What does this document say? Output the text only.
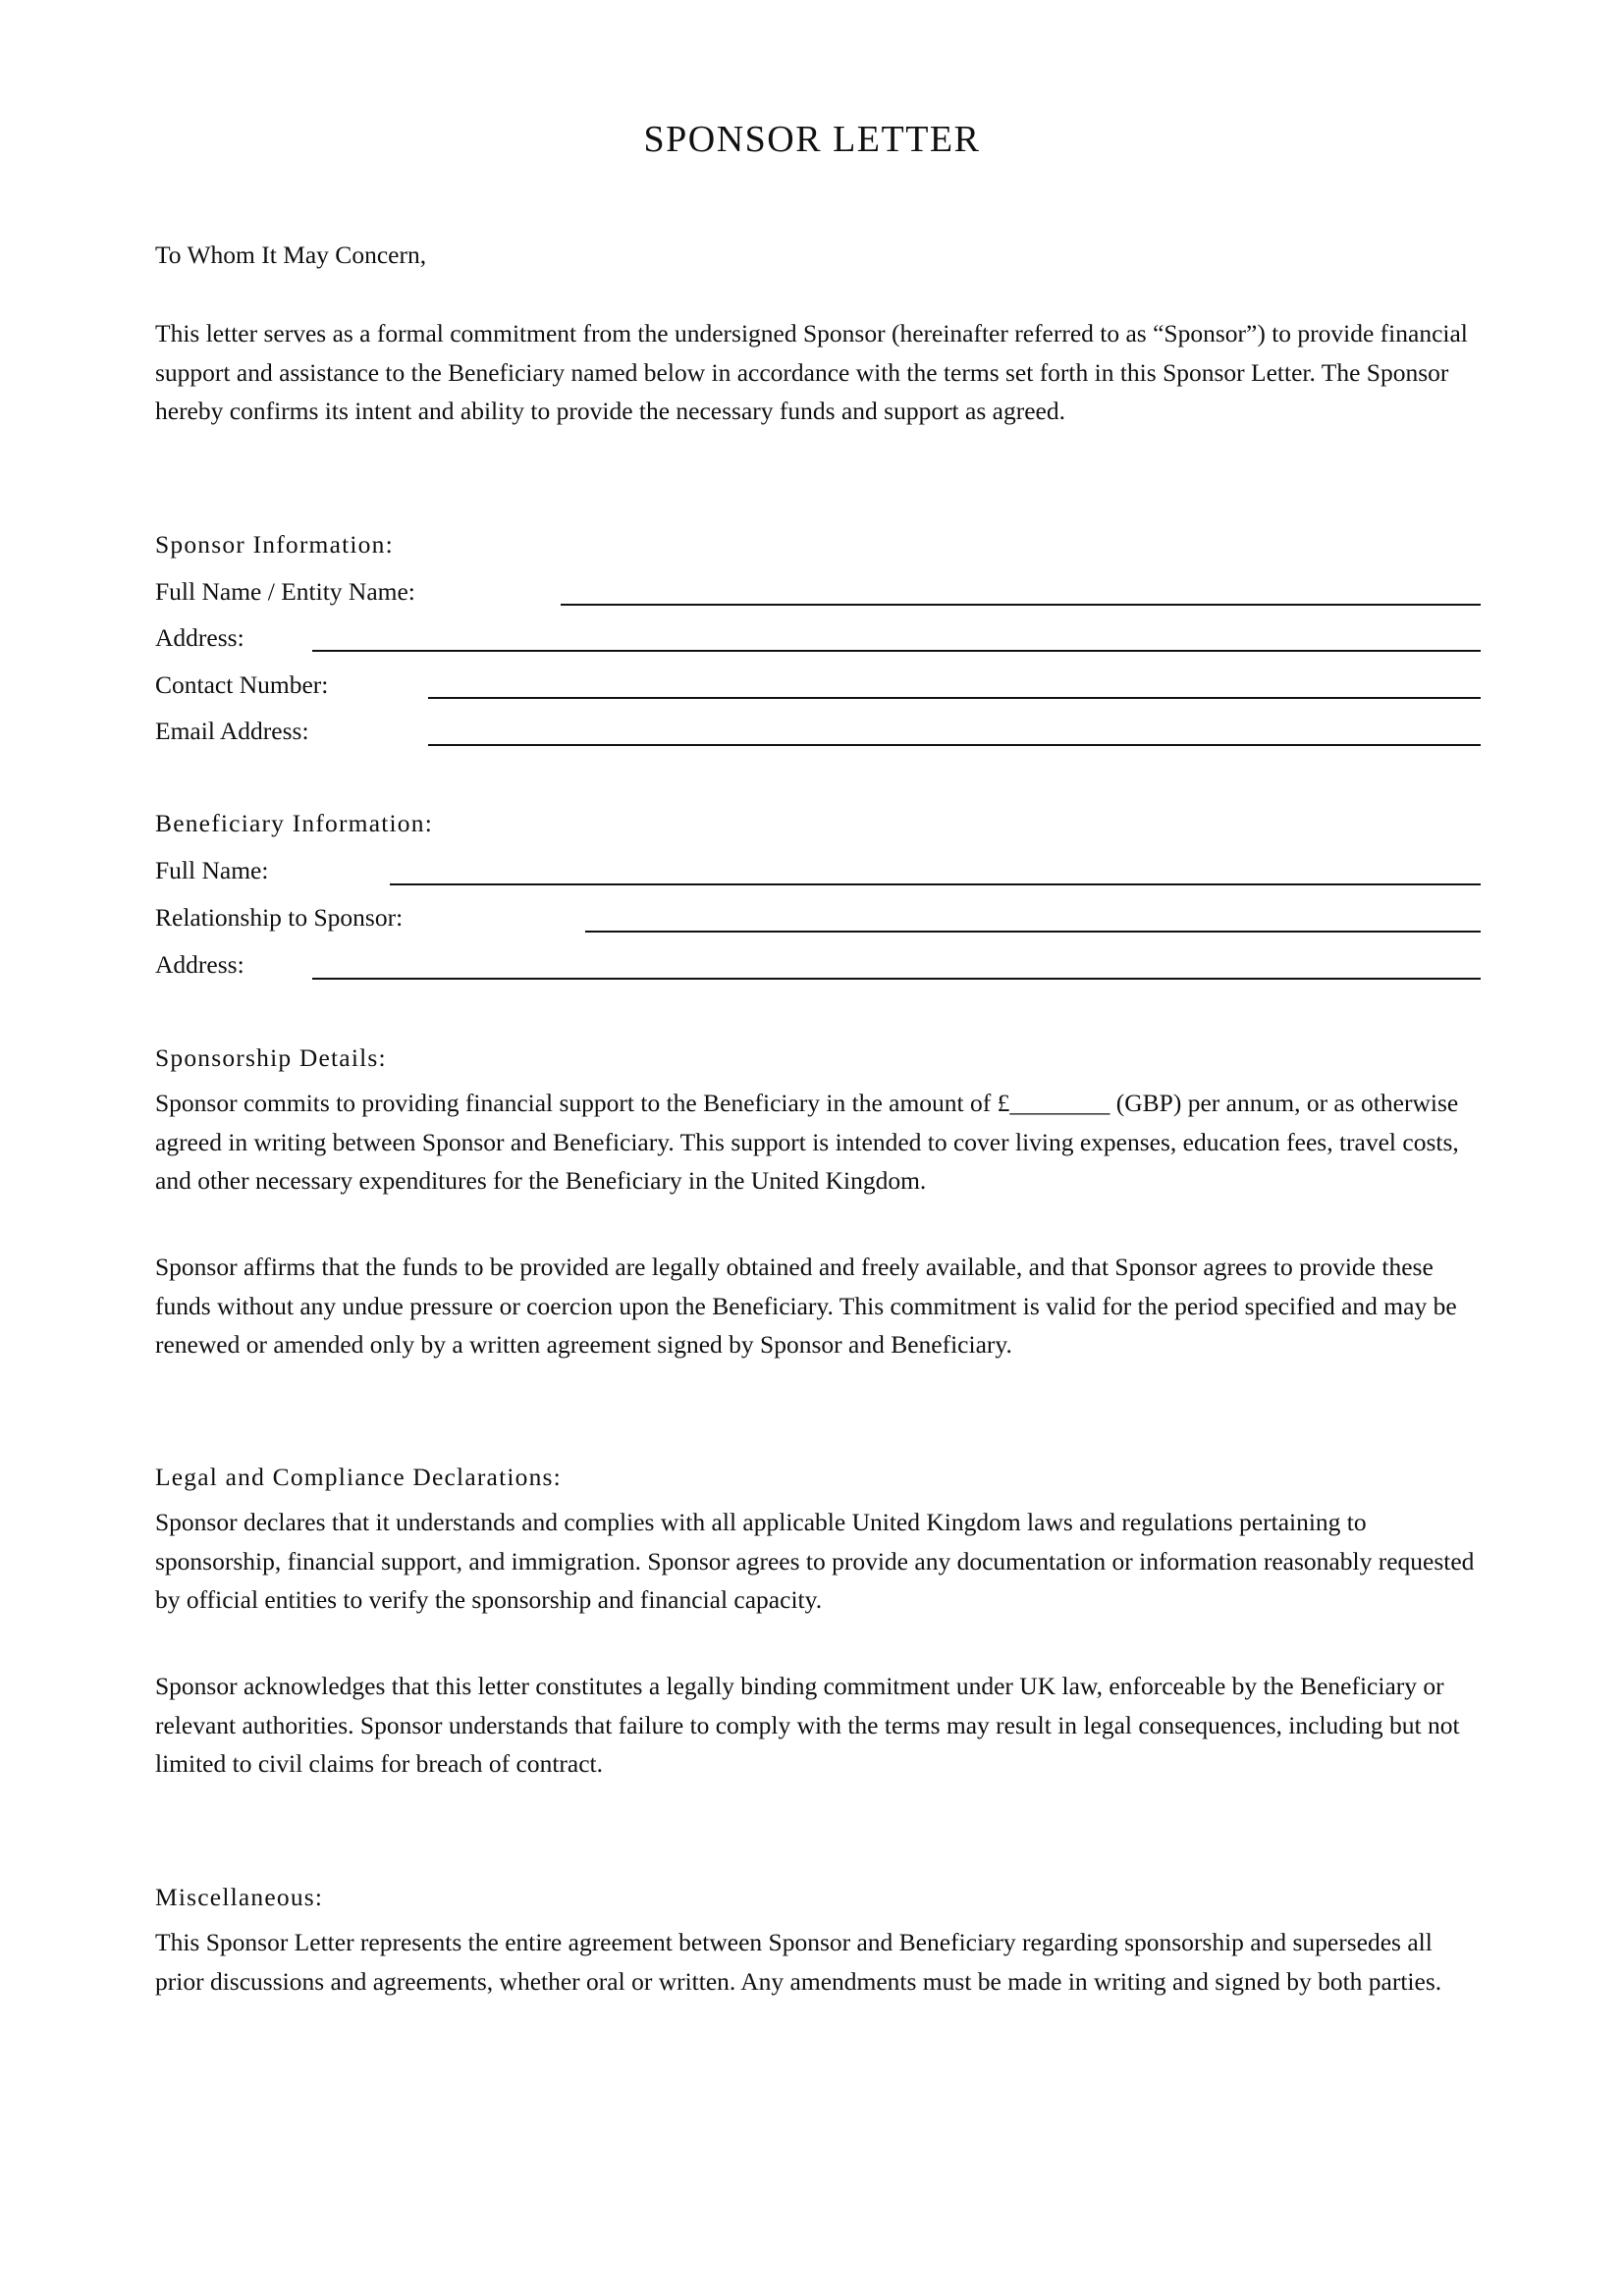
SPONSOR LETTER

To Whom It May Concern,

This letter serves as a formal commitment from the undersigned Sponsor (hereinafter referred to as “Sponsor”) to provide financial support and assistance to the Beneficiary named below in accordance with the terms set forth in this Sponsor Letter. The Sponsor hereby confirms its intent and ability to provide the necessary funds and support as agreed.

Sponsor Information:

Full Name / Entity Name:

Address:

Contact Number:

Email Address:

Beneficiary Information:

Full Name:

Relationship to Sponsor:

Address:

Sponsorship Details:

Sponsor commits to providing financial support to the Beneficiary in the amount of £________ (GBP) per annum, or as otherwise agreed in writing between Sponsor and Beneficiary. This support is intended to cover living expenses, education fees, travel costs, and other necessary expenditures for the Beneficiary in the United Kingdom.

Sponsor affirms that the funds to be provided are legally obtained and freely available, and that Sponsor agrees to provide these funds without any undue pressure or coercion upon the Beneficiary. This commitment is valid for the period specified and may be renewed or amended only by a written agreement signed by Sponsor and Beneficiary.

Legal and Compliance Declarations:

Sponsor declares that it understands and complies with all applicable United Kingdom laws and regulations pertaining to sponsorship, financial support, and immigration. Sponsor agrees to provide any documentation or information reasonably requested by official entities to verify the sponsorship and financial capacity.

Sponsor acknowledges that this letter constitutes a legally binding commitment under UK law, enforceable by the Beneficiary or relevant authorities. Sponsor understands that failure to comply with the terms may result in legal consequences, including but not limited to civil claims for breach of contract.

Miscellaneous:

This Sponsor Letter represents the entire agreement between Sponsor and Beneficiary regarding sponsorship and supersedes all prior discussions and agreements, whether oral or written. Any amendments must be made in writing and signed by both parties.
